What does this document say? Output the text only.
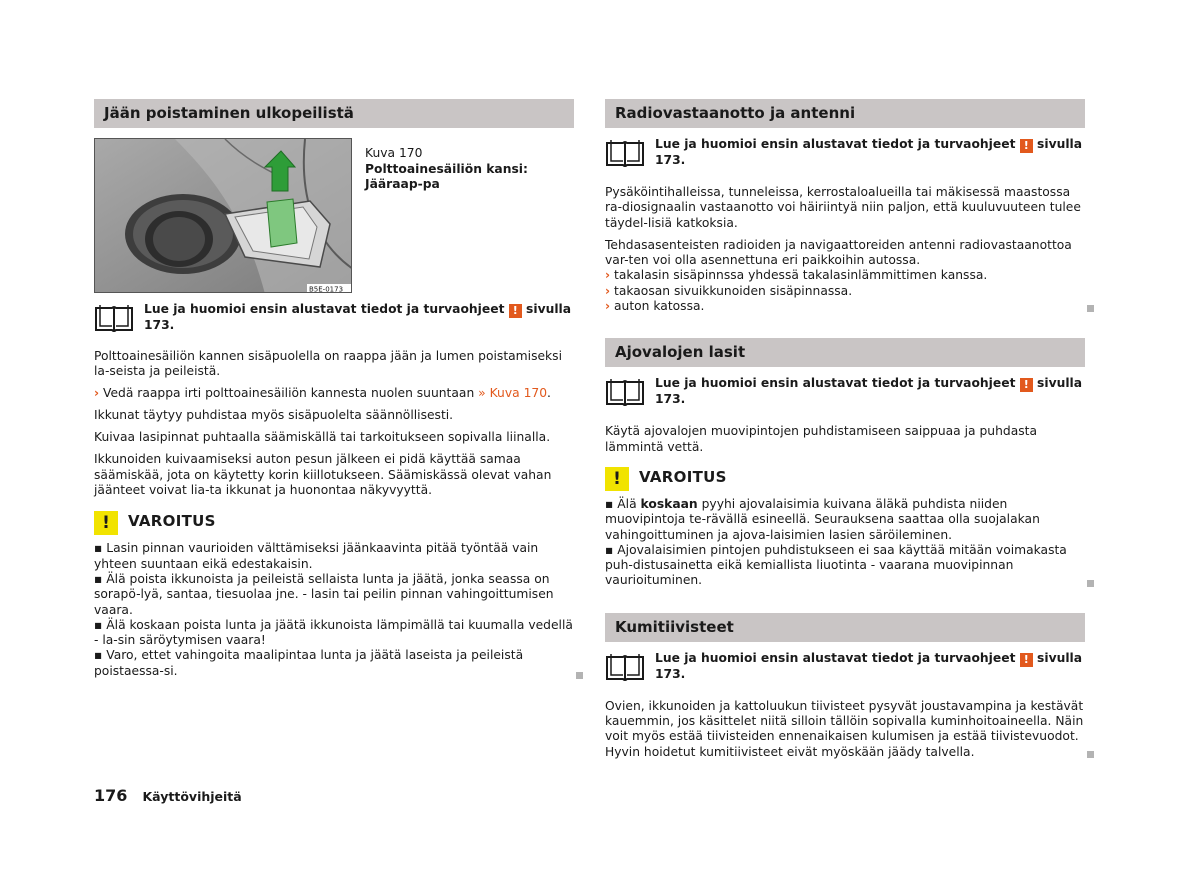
Jään poistaminen ulkopeilistä
B5E-0173
Kuva 170
Polttoainesäiliön kansi: Jääraap-pa
Lue ja huomioi ensin alustavat tiedot ja turvaohjeet ! sivulla 173.

Polttoainesäiliön kannen sisäpuolella on raappa jään ja lumen poistamiseksi la-seista ja peileistä.

› Vedä raappa irti polttoainesäiliön kannesta nuolen suuntaan » Kuva 170.

Ikkunat täytyy puhdistaa myös sisäpuolelta säännöllisesti.

Kuivaa lasipinnat puhtaalla säämiskällä tai tarkoitukseen sopivalla liinalla.

Ikkunoiden kuivaamiseksi auton pesun jälkeen ei pidä käyttää samaa säämiskää, jota on käytetty korin kiillotukseen. Säämiskässä olevat vahan jäänteet voivat lia-ta ikkunat ja huonontaa näkyvyyttä.

!	VAROITUS

▪ Lasin pinnan vaurioiden välttämiseksi jäänkaavinta pitää työntää vain yhteen suuntaan eikä edestakaisin.

▪ Älä poista ikkunoista ja peileistä sellaista lunta ja jäätä, jonka seassa on sorapö-lyä, santaa, tiesuolaa jne. - lasin tai peilin pinnan vahingoittumisen vaara.

▪ Älä koskaan poista lunta ja jäätä ikkunoista lämpimällä tai kuumalla vedellä - la-sin säröytymisen vaara!

▪ Varo, ettet vahingoita maalipintaa lunta ja jäätä laseista ja peileistä poistaessa-si.

Radiovastaanotto ja antenni
Lue ja huomioi ensin alustavat tiedot ja turvaohjeet ! sivulla 173.

Pysäköintihalleissa, tunneleissa, kerrostaloalueilla tai mäkisessä maastossa ra-diosignaalin vastaanotto voi häiriintyä niin paljon, että kuuluvuuteen tulee täydel-lisiä katkoksia.

Tehdasasenteisten radioiden ja navigaattoreiden antenni radiovastaanottoa var-ten voi olla asennettuna eri paikkoihin autossa.

› takalasin sisäpinnssa yhdessä takalasinlämmittimen kanssa.

› takaosan sivuikkunoiden sisäpinnassa.

› auton katossa.

Ajovalojen lasit
Lue ja huomioi ensin alustavat tiedot ja turvaohjeet ! sivulla 173.

Käytä ajovalojen muovipintojen puhdistamiseen saippuaa ja puhdasta lämmintä vettä.

!	VAROITUS

▪ Älä koskaan pyyhi ajovalaisimia kuivana äläkä puhdista niiden muovipintoja te-rävällä esineellä. Seurauksena saattaa olla suojalakan vahingoittuminen ja ajova-laisimien lasien säröileminen.

▪ Ajovalaisimien pintojen puhdistukseen ei saa käyttää mitään voimakasta puh-distusainetta eikä kemiallista liuotinta - vaarana muovipinnan vaurioituminen.

Kumitiivisteet
Lue ja huomioi ensin alustavat tiedot ja turvaohjeet ! sivulla 173.

Ovien, ikkunoiden ja kattoluukun tiivisteet pysyvät joustavampina ja kestävät kauemmin, jos käsittelet niitä silloin tällöin sopivalla kuminhoitoaineella. Näin voit myös estää tiivisteiden ennenaikaisen kulumisen ja estää tiivistevuodot. Hyvin hoidetut kumitiivisteet eivät myöskään jäädy talvella.

176 Käyttövihjeitä
